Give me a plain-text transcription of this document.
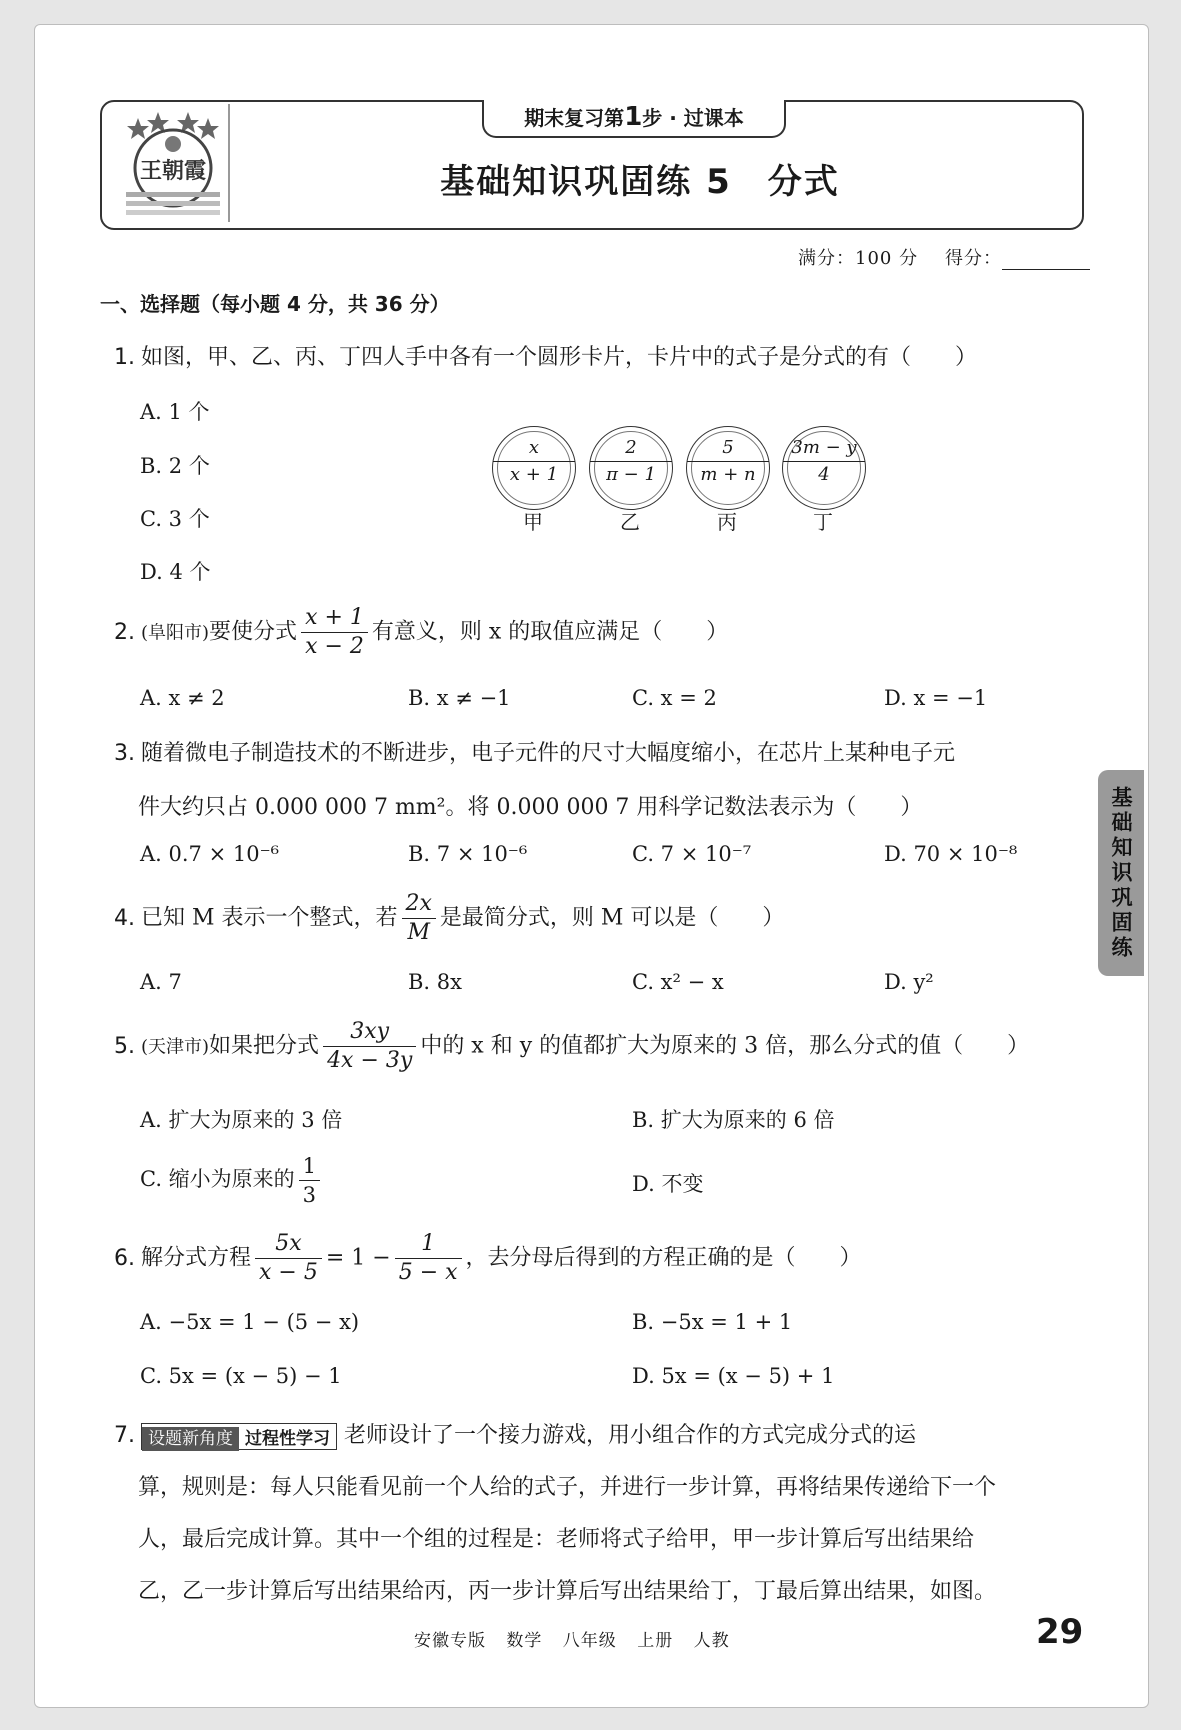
王朝霞
期末复习第1步 · 过课本
基础知识巩固练 5　分式
满分：100 分 得分：
一、选择题（每小题 4 分，共 36 分）
1. 如图，甲、乙、丙、丁四人手中各有一个圆形卡片，卡片中的式子是分式的有（　　）
A. 1 个
B. 2 个
C. 3 个
D. 4 个
$\frac{x}{x + 1} \frac{2}{\pi - 1} \frac{5}{m + n} \frac{3m - y}{4}$
甲	乙	丙	丁
2. (阜阳市)要使分式 $\frac{x + 1}{x - 2}$ 有意义，则 x 的取值应满足（　　）
A. x ≠ 2	B. x ≠ −1	C. x = 2	D. x = −1
3. 随着微电子制造技术的不断进步，电子元件的尺寸大幅度缩小，在芯片上某种电子元
件大约只占 0.000 000 7 mm²。将 0.000 000 7 用科学记数法表示为（　　）
A. 0.7 × 10⁻⁶	B. 7 × 10⁻⁶	C. 7 × 10⁻⁷	D. 70 × 10⁻⁸
4. 已知 M 表示一个整式，若 $\frac{2x}{M}$ 是最简分式，则 M 可以是（　　）
A. 7	B. 8x	C. x² − x	D. y²
5. (天津市)如果把分式 $\frac{3xy}{4x - 3y}$ 中的 x 和 y 的值都扩大为原来的 3 倍，那么分式的值（　　）
A. 扩大为原来的 3 倍	B. 扩大为原来的 6 倍
C. 缩小为原来的 $\frac{1}{3}$	D. 不变
6. 解分式方程 $\frac{5x}{x - 5} = 1 - \frac{1}{5 - x}$ ，去分母后得到的方程正确的是（　　）
A. −5x = 1 − (5 − x)	B. −5x = 1 + 1
C. 5x = (x − 5) − 1	D. 5x = (x − 5) + 1
7. 设题新角度 过程性学习 老师设计了一个接力游戏，用小组合作的方式完成分式的运
算，规则是：每人只能看见前一个人给的式子，并进行一步计算，再将结果传递给下一个
人，最后完成计算。其中一个组的过程是：老师将式子给甲，甲一步计算后写出结果给
乙，乙一步计算后写出结果给丙，丙一步计算后写出结果给丁，丁最后算出结果，如图。
基础知识巩固练
安徽专版 数学 八年级 上册 人教	29
